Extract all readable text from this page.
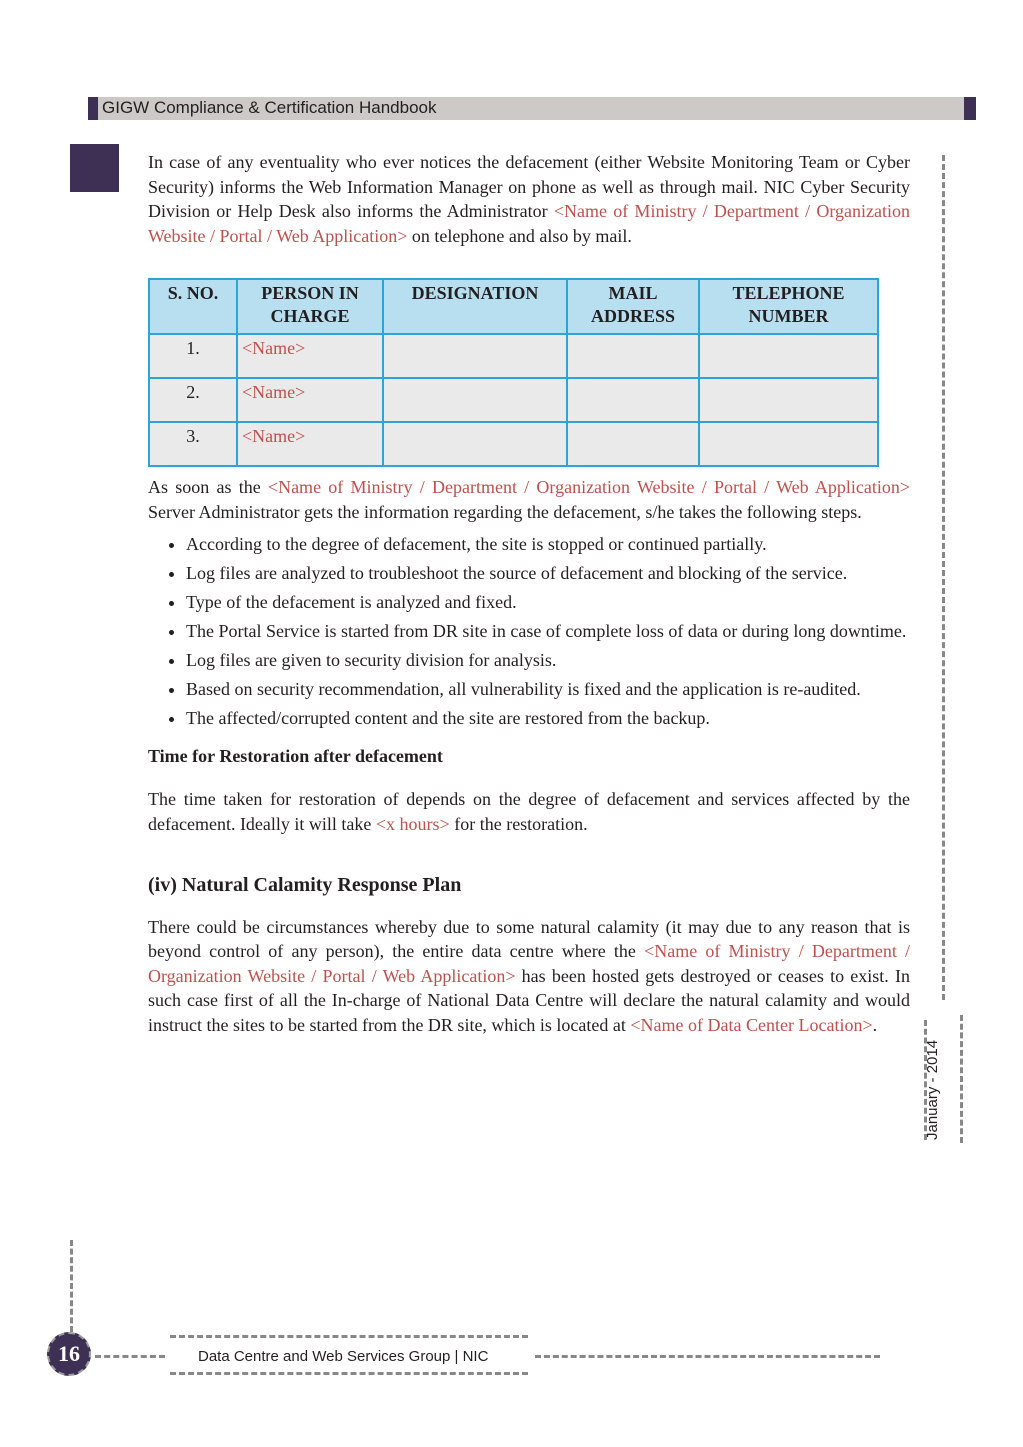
GIGW Compliance & Certification Handbook

In case of any eventuality who ever notices the defacement (either Website Monitoring Team or Cyber Security) informs the Web Information Manager on phone as well as through mail. NIC Cyber Security Division or Help Desk also informs the Administrator <Name of Ministry / Department / Organization Website / Portal / Web Application> on telephone and also by mail.

S. NO.	PERSON IN CHARGE	DESIGNATION	MAIL ADDRESS	TELEPHONE NUMBER
1.	<Name>			
2.	<Name>			
3.	<Name>			

As soon as the <Name of Ministry / Department / Organization Website / Portal / Web Application> Server Administrator gets the information regarding the defacement, s/he takes the following steps.

• According to the degree of defacement, the site is stopped or continued partially.
• Log files are analyzed to troubleshoot the source of defacement and blocking of the service.
• Type of the defacement is analyzed and fixed.
• The Portal Service is started from DR site in case of complete loss of data or during long downtime.
• Log files are given to security division for analysis.
• Based on security recommendation, all vulnerability is fixed and the application is re-audited.
• The affected/corrupted content and the site are restored from the backup.
Time for Restoration after defacement

The time taken for restoration of depends on the degree of defacement and services affected by the defacement. Ideally it will take <x hours> for the restoration.

(iv) Natural Calamity Response Plan

There could be circumstances whereby due to some natural calamity (it may due to any reason that is beyond control of any person), the entire data centre where the <Name of Ministry / Department / Organization Website / Portal / Web Application> has been hosted gets destroyed or ceases to exist. In such case first of all the In-charge of National Data Centre will declare the natural calamity and would instruct the sites to be started from the DR site, which is located at <Name of Data Center Location>.

January - 2014
16	Data Centre and Web Services Group | NIC
